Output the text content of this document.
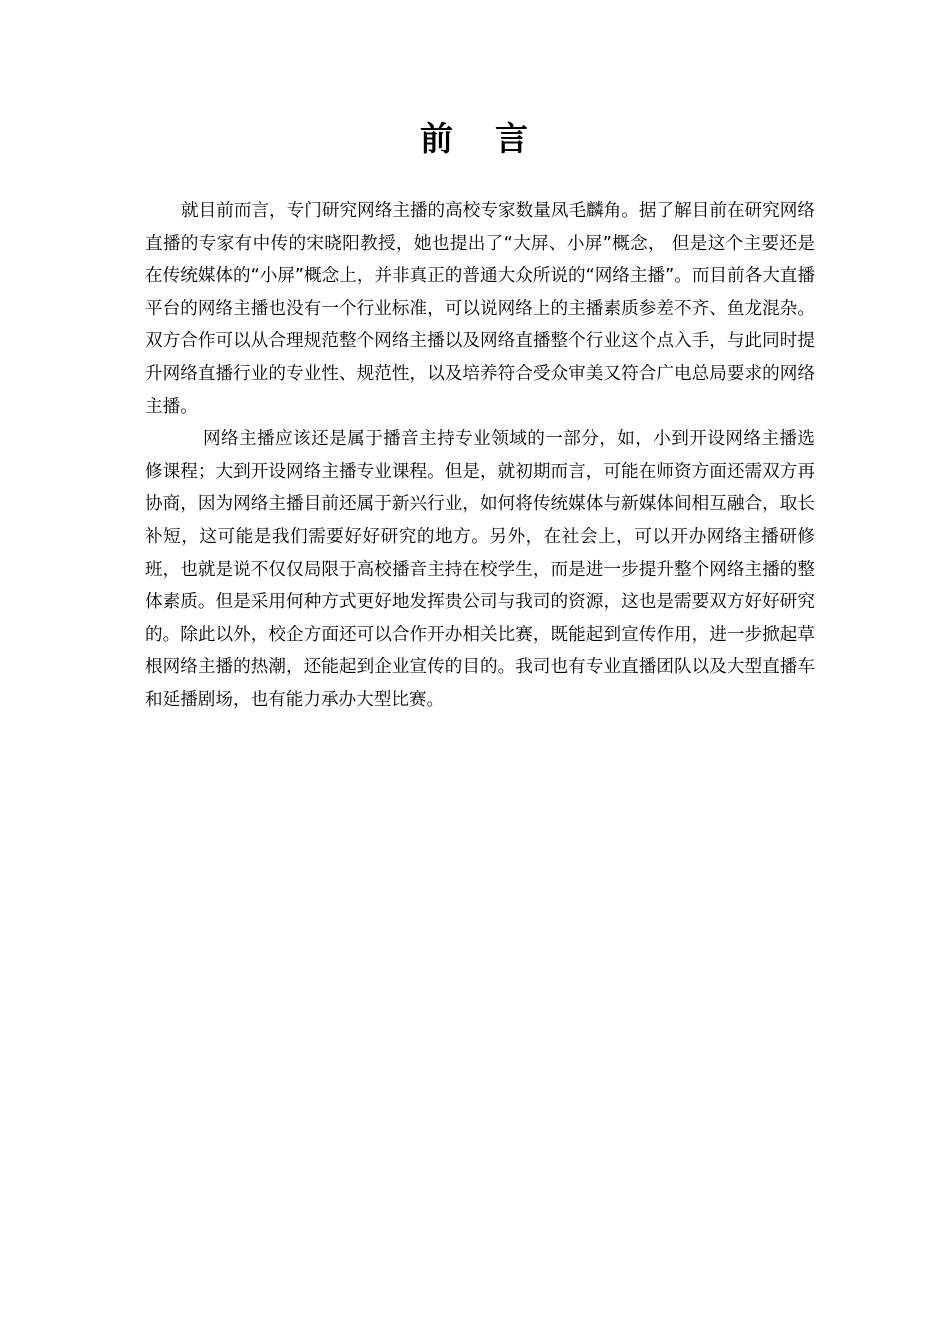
前言

就目前而言，专门研究网络主播的高校专家数量凤毛麟角。据了解目前在研究网络直播的专家有中传的宋晓阳教授，她也提出了“大屏、小屏”概念， 但是这个主要还是在传统媒体的“小屏”概念上，并非真正的普通大众所说的“网络主播”。而目前各大直播平台的网络主播也没有一个行业标准，可以说网络上的主播素质参差不齐、鱼龙混杂。双方合作可以从合理规范整个网络主播以及网络直播整个行业这个点入手，与此同时提升网络直播行业的专业性、规范性，以及培养符合受众审美又符合广电总局要求的网络主播。

网络主播应该还是属于播音主持专业领域的一部分，如，小到开设网络主播选修课程；大到开设网络主播专业课程。但是，就初期而言，可能在师资方面还需双方再协商，因为网络主播目前还属于新兴行业，如何将传统媒体与新媒体间相互融合，取长补短，这可能是我们需要好好研究的地方。另外，在社会上，可以开办网络主播研修班，也就是说不仅仅局限于高校播音主持在校学生，而是进一步提升整个网络主播的整体素质。但是采用何种方式更好地发挥贵公司与我司的资源，这也是需要双方好好研究的。除此以外，校企方面还可以合作开办相关比赛，既能起到宣传作用，进一步掀起草根网络主播的热潮，还能起到企业宣传的目的。我司也有专业直播团队以及大型直播车和延播剧场，也有能力承办大型比赛。
